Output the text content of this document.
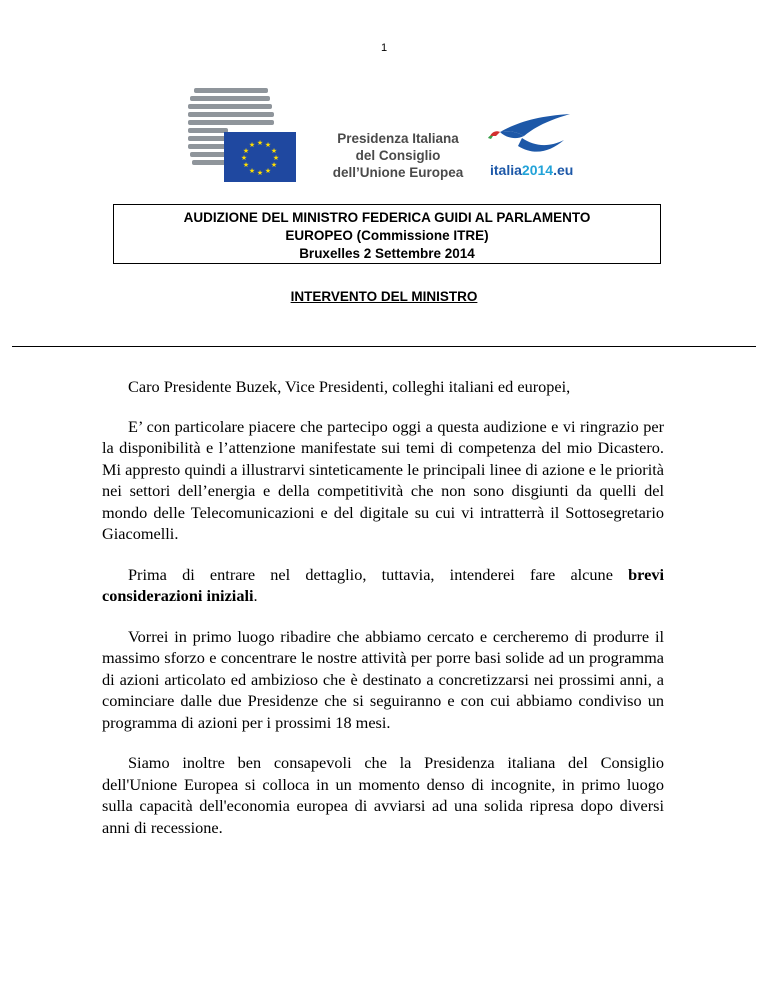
1
★ ★
★
★
★
★
★
★
★
★
★
★	Presidenza Italiana
del Consiglio
dell’Unione Europea	italia2014.eu
AUDIZIONE DEL MINISTRO FEDERICA GUIDI AL PARLAMENTO
EUROPEO (Commissione ITRE)
Bruxelles 2 Settembre 2014
INTERVENTO DEL MINISTRO

Caro Presidente Buzek, Vice Presidenti, colleghi italiani ed europei,

E’ con particolare piacere che partecipo oggi a questa audizione e vi ringrazio per la disponibilità e l’attenzione manifestate sui temi di competenza del mio Dicastero. Mi appresto quindi a illustrarvi sinteticamente le principali linee di azione e le priorità nei settori dell’energia e della competitività che non sono disgiunti da quelli del mondo delle Telecomunicazioni e del digitale su cui vi intratterrà il Sottosegretario Giacomelli.

Prima di entrare nel dettaglio, tuttavia, intenderei fare alcune brevi considerazioni iniziali.

Vorrei in primo luogo ribadire che abbiamo cercato e cercheremo di produrre il massimo sforzo e concentrare le nostre attività per porre basi solide ad un programma di azioni articolato ed ambizioso che è destinato a concretizzarsi nei prossimi anni, a cominciare dalle due Presidenze che si seguiranno e con cui abbiamo condiviso un programma di azioni per i prossimi 18 mesi.

Siamo inoltre ben consapevoli che la Presidenza italiana del Consiglio dell'Unione Europea si colloca in un momento denso di incognite, in primo luogo sulla capacità dell'economia europea di avviarsi ad una solida ripresa dopo diversi anni di recessione.
